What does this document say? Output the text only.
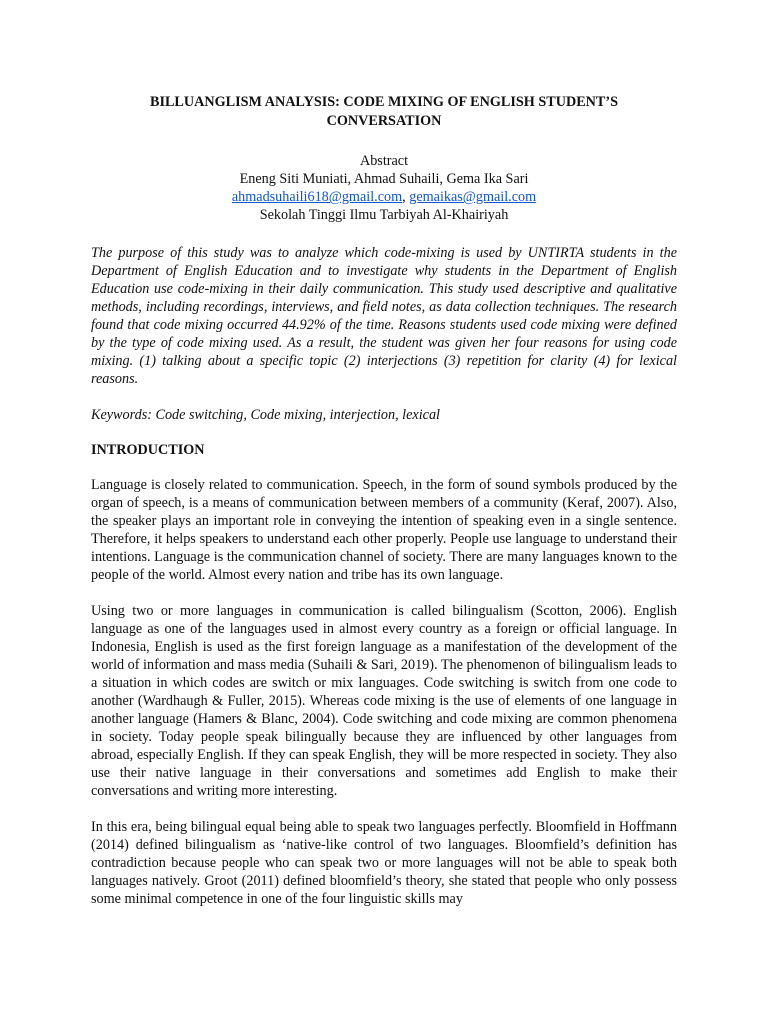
BILLUANGLISM ANALYSIS: CODE MIXING OF ENGLISH STUDENT’S
CONVERSATION
Abstract
Eneng Siti Muniati, Ahmad Suhaili, Gema Ika Sari
ahmadsuhaili618@gmail.com, gemaikas@gmail.com
Sekolah Tinggi Ilmu Tarbiyah Al-Khairiyah

The purpose of this study was to analyze which code-mixing is used by UNTIRTA students in the Department of English Education and to investigate why students in the Department of English Education use code-mixing in their daily communication. This study used descriptive and qualitative methods, including recordings, interviews, and field notes, as data collection techniques. The research found that code mixing occurred 44.92% of the time. Reasons students used code mixing were defined by the type of code mixing used. As a result, the student was given her four reasons for using code mixing. (1) talking about a specific topic (2) interjections (3) repetition for clarity (4) for lexical reasons.

Keywords: Code switching, Code mixing, interjection, lexical

INTRODUCTION

Language is closely related to communication. Speech, in the form of sound symbols produced by the organ of speech, is a means of communication between members of a community (Keraf, 2007). Also, the speaker plays an important role in conveying the intention of speaking even in a single sentence. Therefore, it helps speakers to understand each other properly. People use language to understand their intentions. Language is the communication channel of society. There are many languages known to the people of the world. Almost every nation and tribe has its own language.

Using two or more languages in communication is called bilingualism (Scotton, 2006). English language as one of the languages used in almost every country as a foreign or official language. In Indonesia, English is used as the first foreign language as a manifestation of the development of the world of information and mass media (Suhaili & Sari, 2019). The phenomenon of bilingualism leads to a situation in which codes are switch or mix languages. Code switching is switch from one code to another (Wardhaugh & Fuller, 2015). Whereas code mixing is the use of elements of one language in another language (Hamers & Blanc, 2004). Code switching and code mixing are common phenomena in society. Today people speak bilingually because they are influenced by other languages from abroad, especially English. If they can speak English, they will be more respected in society. They also use their native language in their conversations and sometimes add English to make their conversations and writing more interesting.

In this era, being bilingual equal being able to speak two languages perfectly. Bloomfield in Hoffmann (2014) defined bilingualism as ‘native-like control of two languages. Bloomfield’s definition has contradiction because people who can speak two or more languages will not be able to speak both languages natively. Groot (2011) defined bloomfield’s theory, she stated that people who only possess some minimal competence in one of the four linguistic skills may
